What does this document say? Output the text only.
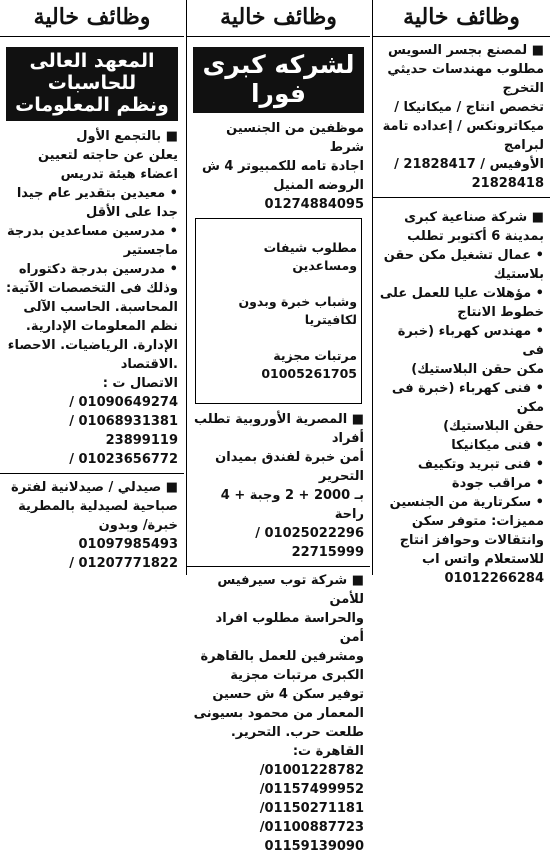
وظائف خالية
■ لمصنع بجسر السويس
مطلوب مهندسات حديثي التخرج
تخصص انتاج / ميكانيكا /
ميكاترونكس / إعداده تامة لبرامج
الأوفيس / 21828417 / 21828418
■ شركة صناعية كبرى
بمدينة 6 أكتوبر تطلب
• عمال تشغيل مكن حقن
بلاستيك
• مؤهلات عليا للعمل على
خطوط الانتاج
• مهندس كهرباء (خبرة فى
مكن حقن البلاستيك)
• فنى كهرباء (خبرة فى مكن
حقن البلاستيك)
• فنى ميكانيكا
• فنى تبريد وتكييف
• مراقب جودة
• سكرتارية من الجنسين
مميزات: متوفر سكن
وانتقالات وحوافز انتاج
للاستعلام واتس اب
01012266284
وظائف خالية
لشركه كبرى فورا
موظفين من الجنسين شرط
اجادة تامه للكمبيوتر 4 ش
الروضه المنيل 01274884095

مطلوب شيفات ومساعدين

وشباب خبرة وبدون لكافيتريا

مرتبات مجزية 01005261705

■ المصرية الأوروبية تطلب أفراد
أمن خبرة لفندق بميدان التحرير
بـ 2000 + 2 وجبة + 4 راحة
01025022296 / 22715999
■ شركة توب سيرفيس للأمن
والحراسة مطلوب افراد أمن
ومشرفين للعمل بالقاهرة
الكبرى مرتبات مجزية
توفير سكن 4 ش حسين
المعمار من محمود بسيونى
طلعت حرب. التحرير.
القاهرة ت: 01001228782/
01157499952/ 01150271181/
01100887723/ 01159139090
وظائف خالية
المعهد العالى للحاسبات
ونظم المعلومات
■ بالتجمع الأول
يعلن عن حاجته لتعيين
اعضاء هيئة تدريس
• معيدين بتقدير عام جيدا
جدا على الأقل
• مدرسين مساعدين بدرجة
ماجستير
• مدرسين بدرجة دكتوراه
وذلك فى التخصصات الآتية:
المحاسبة. الحاسب الآلى
نظم المعلومات الإدارية.
الإدارة. الرياضيات. الاحصاء
.الاقتصاد
الاتصال ت : 01090649274 /
01068931381 / 23899119
01023656772 /
■ صيدلي / صيدلانية لفترة
صباحية لصيدلية بالمطرية
خبرة/ وبدون 01097985493
01207771822 /
